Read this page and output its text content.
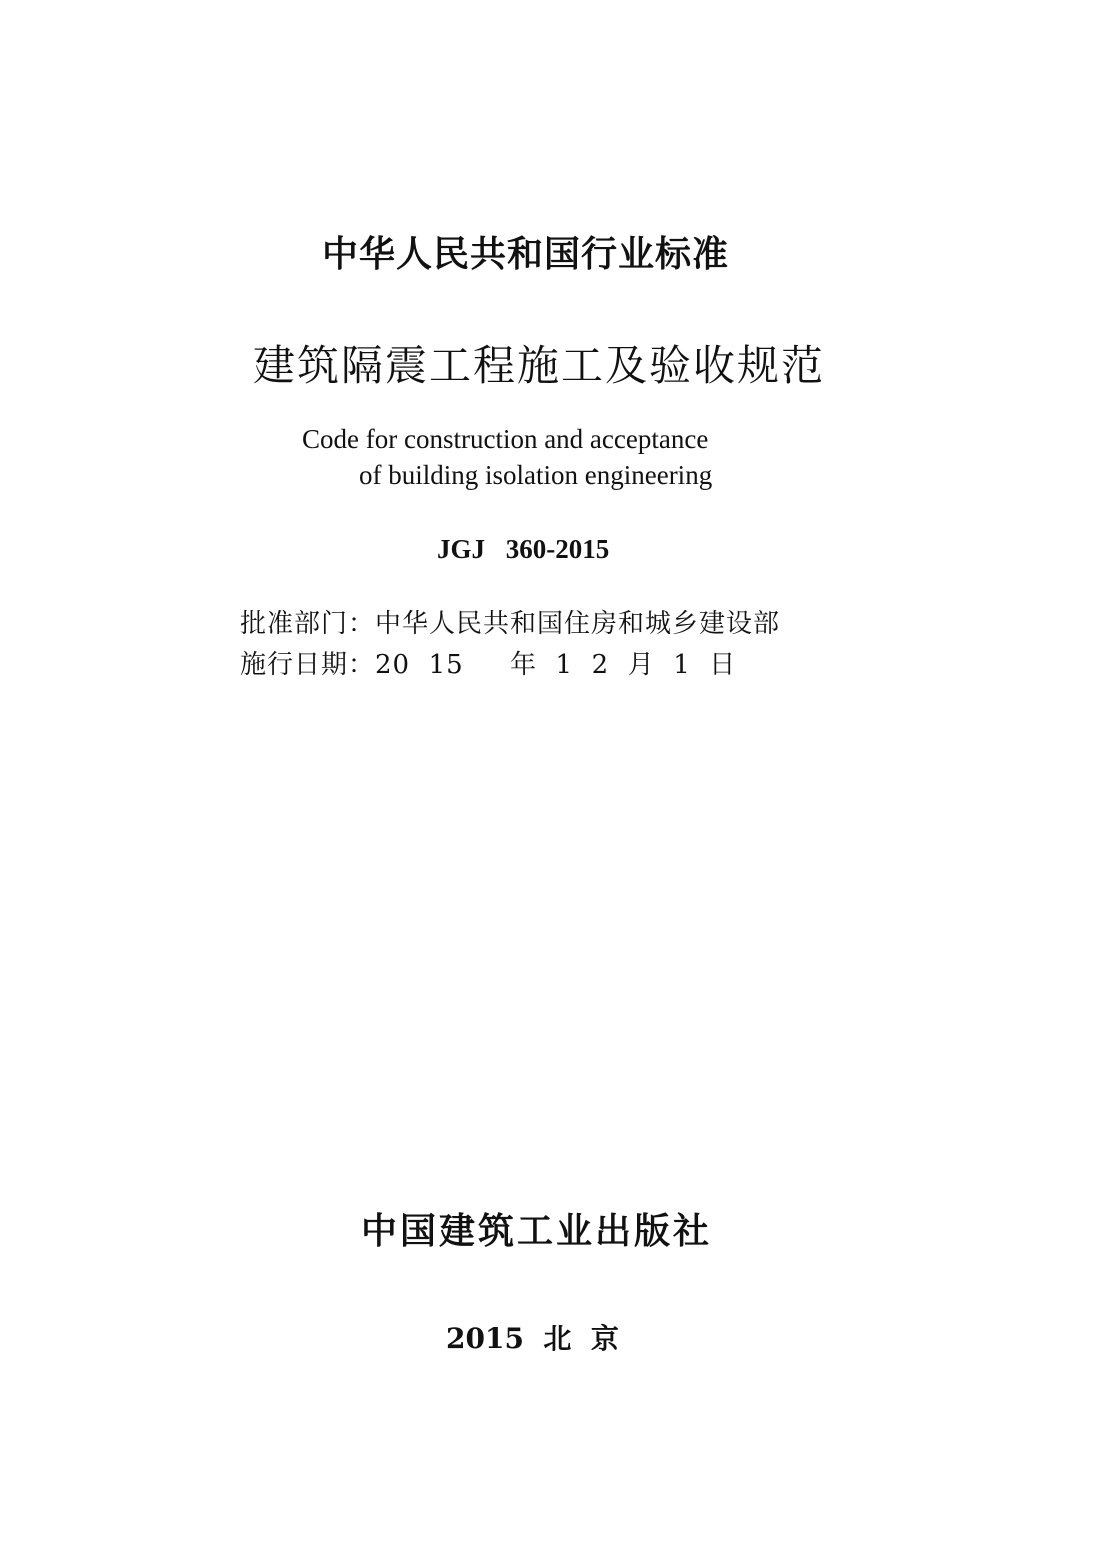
中华人民共和国行业标准
建筑隔震工程施工及验收规范
Code for construction and acceptance
of building isolation engineering
JGJ 360-2015
批准部门：中华人民共和国住房和城乡建设部
施行日期：20  15     年  1  2  月  1  日
中国建筑工业出版社
2015  北  京
